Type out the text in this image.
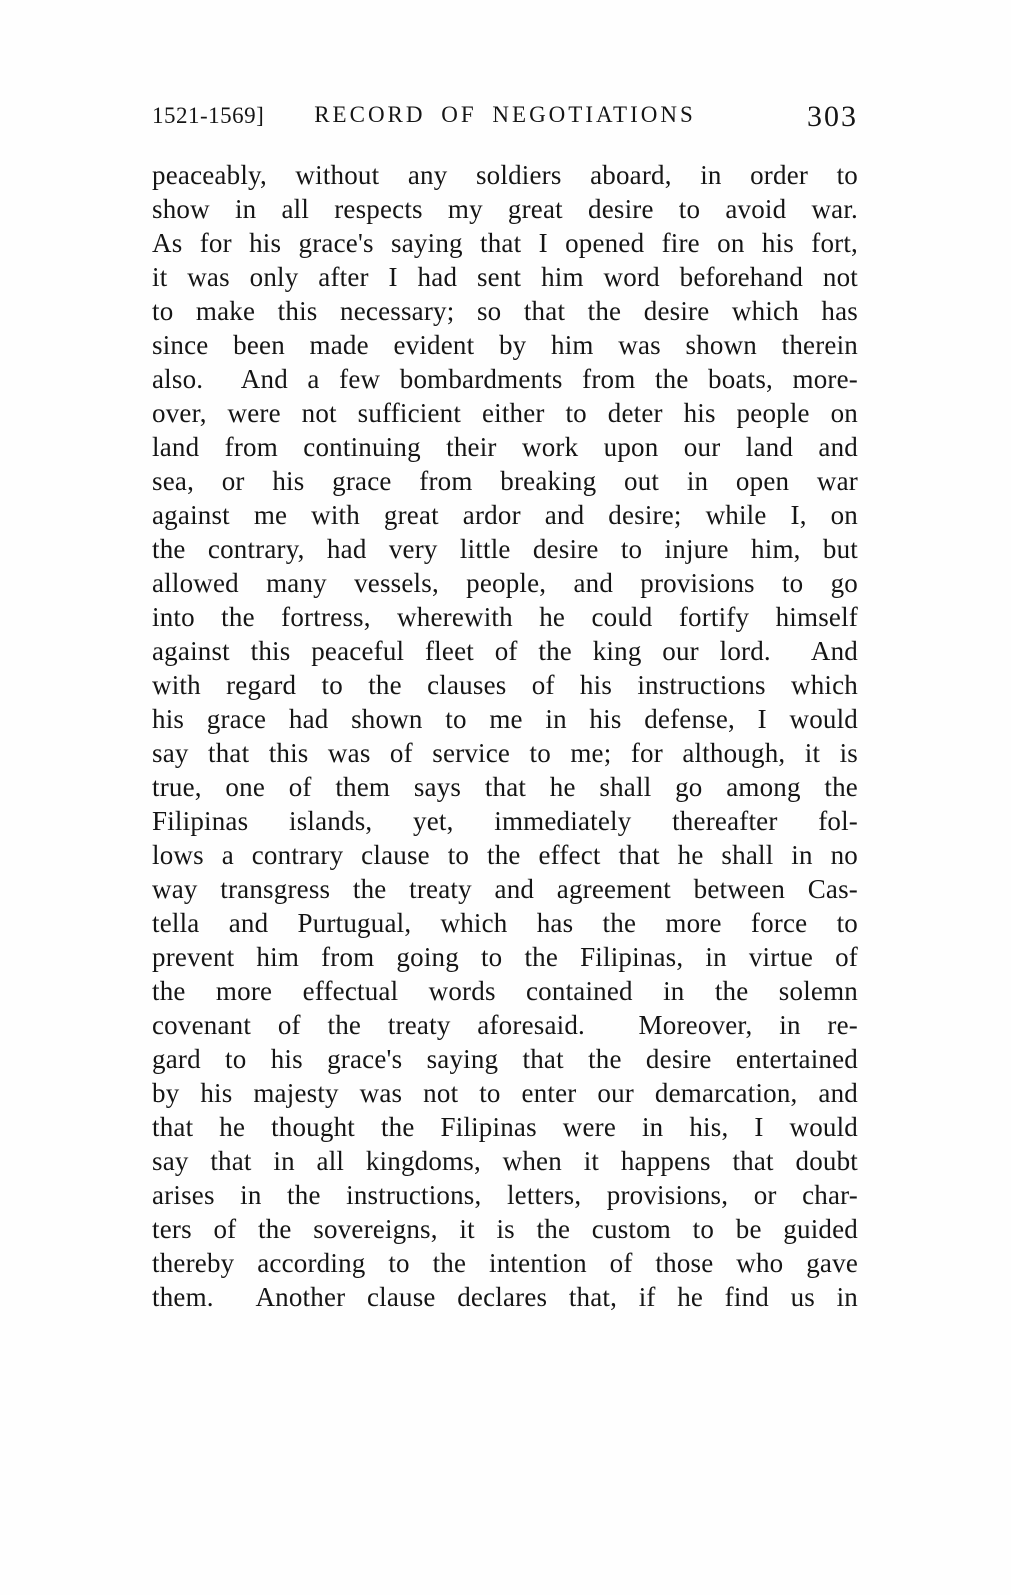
1521-1569] RECORD OF NEGOTIATIONS	303
peaceably, without any soldiers aboard, in order to
show in all respects my great desire to avoid war.
As for his grace's saying that I opened fire on his fort,
it was only after I had sent him word beforehand not
to make this necessary; so that the desire which has
since been made evident by him was shown therein
also.  And a few bombardments from the boats, more-
over, were not sufficient either to deter his people on
land from continuing their work upon our land and
sea, or his grace from breaking out in open war
against me with great ardor and desire; while I, on
the contrary, had very little desire to injure him, but
allowed many vessels, people, and provisions to go
into the fortress, wherewith he could fortify himself
against this peaceful fleet of the king our lord.  And
with regard to the clauses of his instructions which
his grace had shown to me in his defense, I would
say that this was of service to me; for although, it is
true, one of them says that he shall go among the
Filipinas islands, yet, immediately thereafter fol-
lows a contrary clause to the effect that he shall in no
way transgress the treaty and agreement between Cas-
tella and Purtugual, which has the more force to
prevent him from going to the Filipinas, in virtue of
the more effectual words contained in the solemn
covenant of the treaty aforesaid.  Moreover, in re-
gard to his grace's saying that the desire entertained
by his majesty was not to enter our demarcation, and
that he thought the Filipinas were in his, I would
say that in all kingdoms, when it happens that doubt
arises in the instructions, letters, provisions, or char-
ters of the sovereigns, it is the custom to be guided
thereby according to the intention of those who gave
them.  Another clause declares that, if he find us in
